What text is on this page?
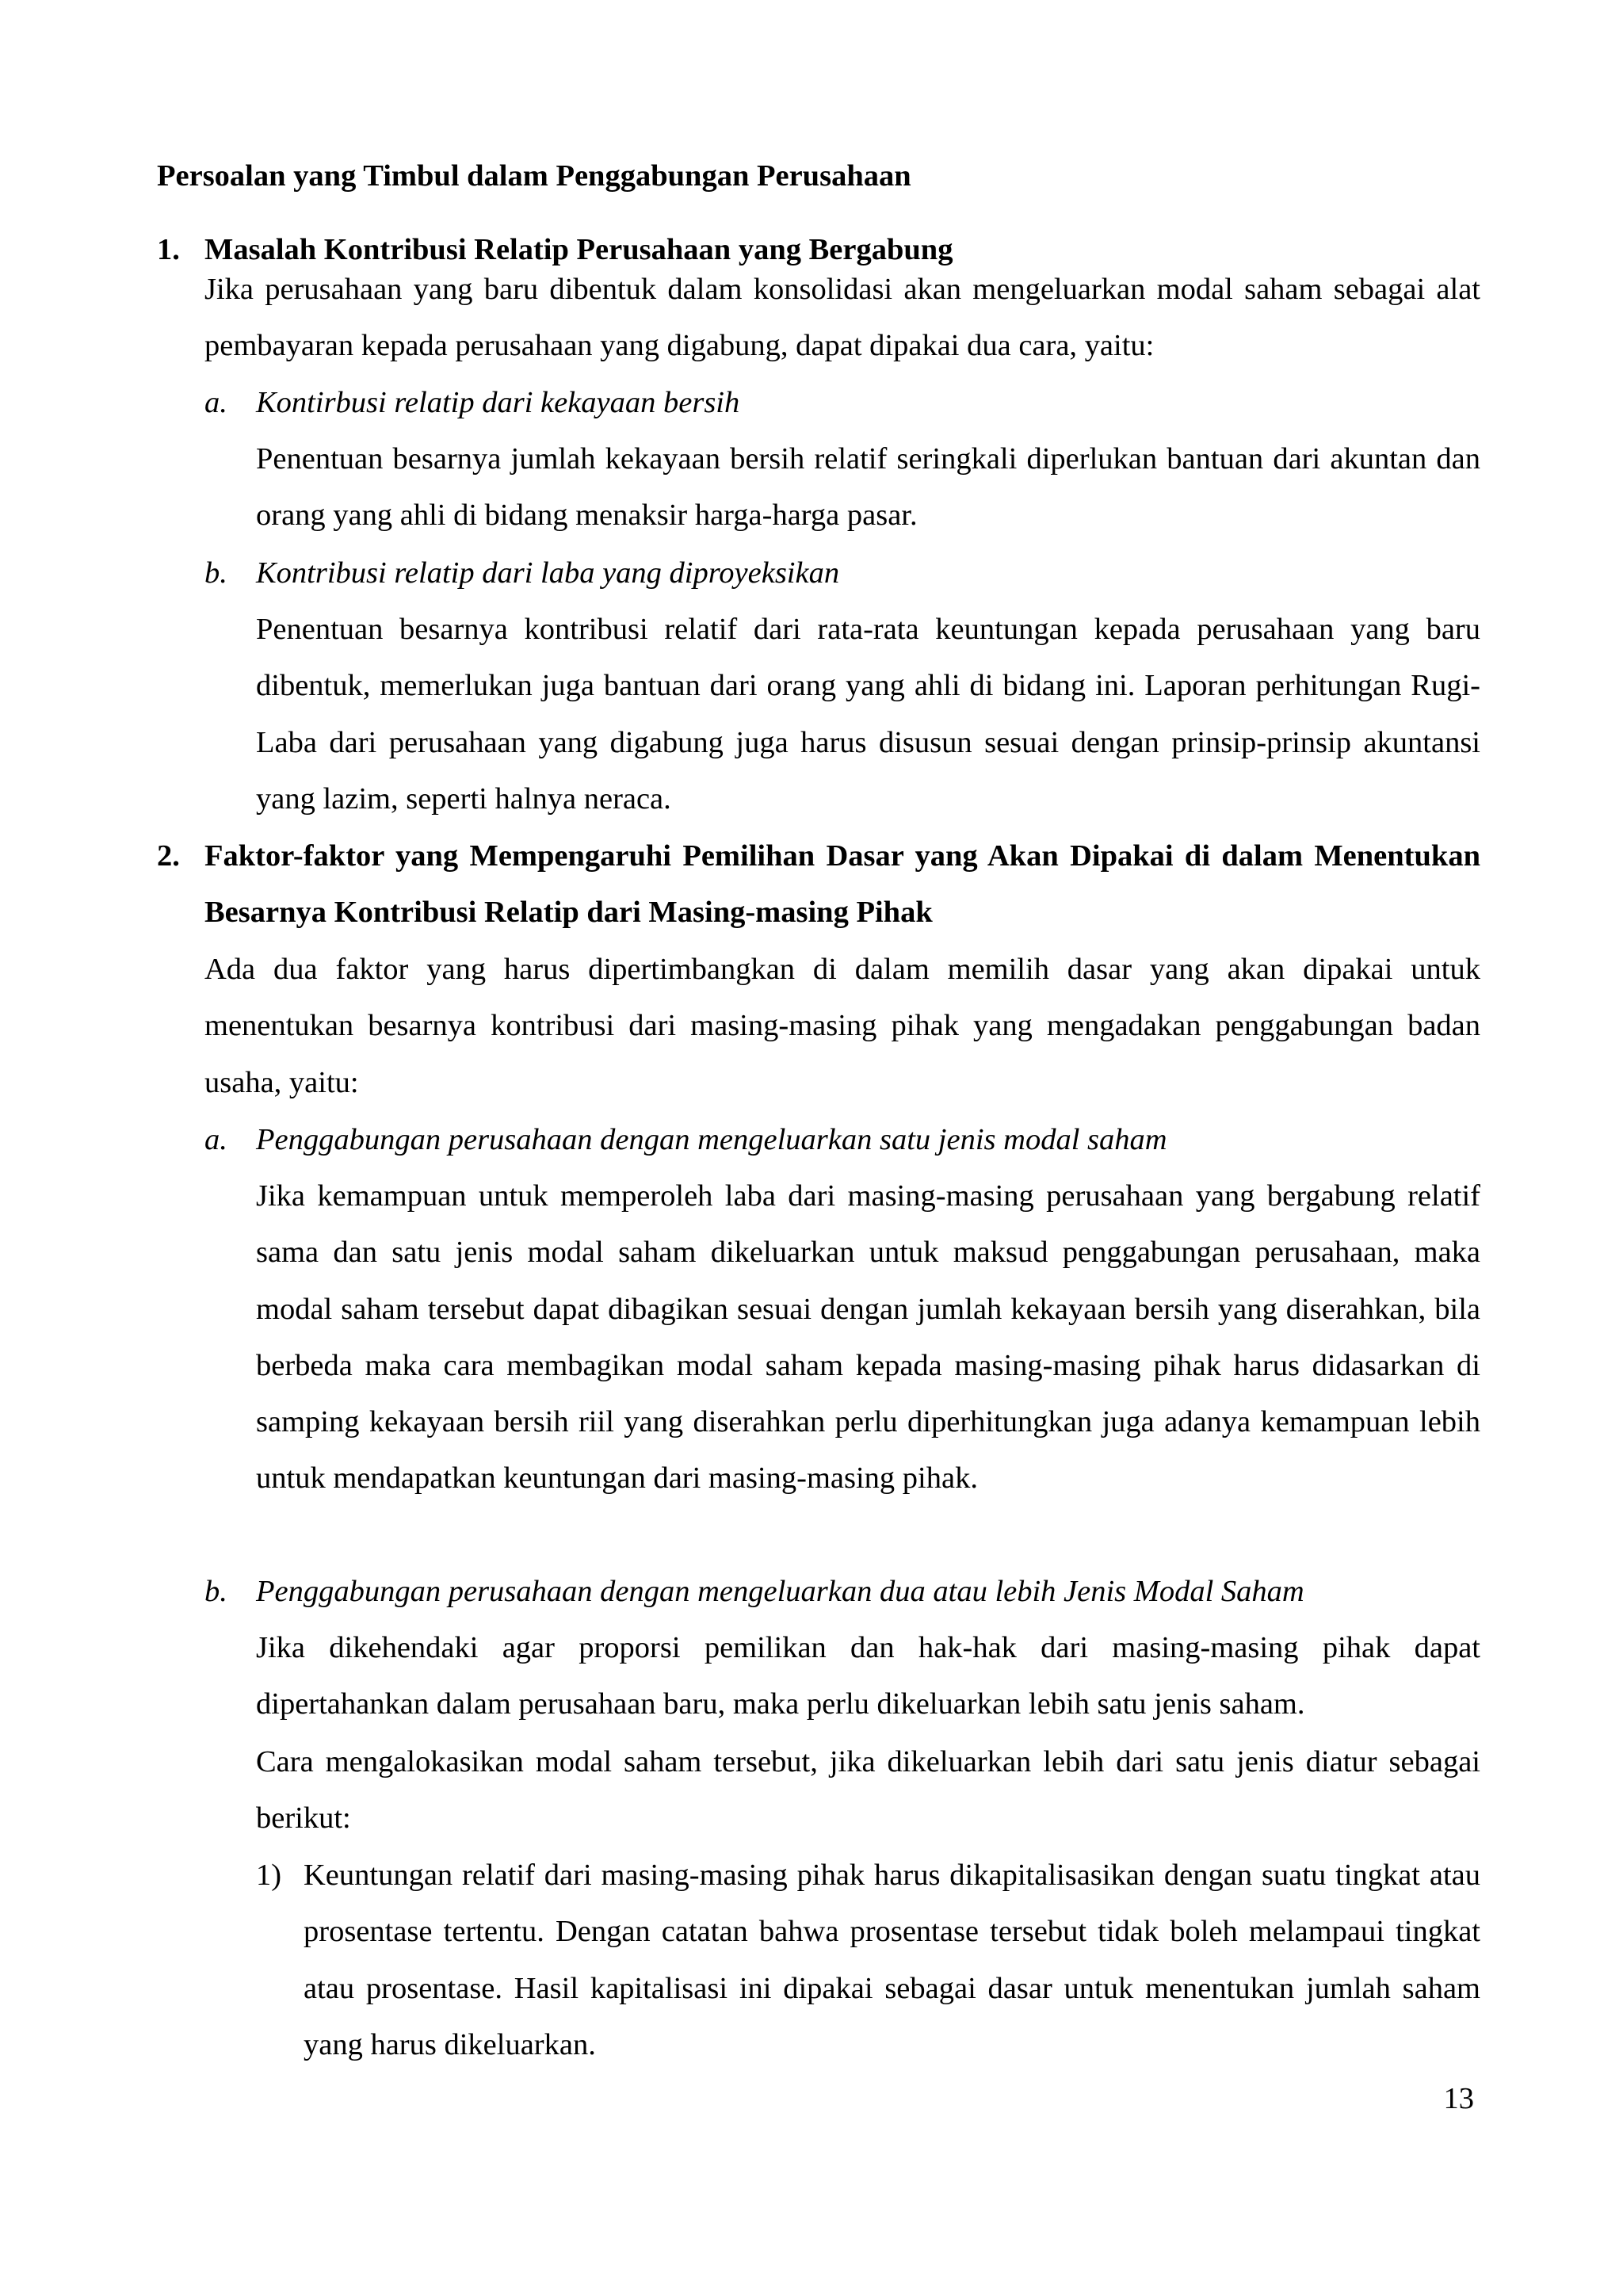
Persoalan yang Timbul dalam Penggabungan Perusahaan
1. Masalah Kontribusi Relatip Perusahaan yang Bergabung

Jika perusahaan yang baru dibentuk dalam konsolidasi akan mengeluarkan modal saham sebagai alat pembayaran kepada perusahaan yang digabung, dapat dipakai dua cara, yaitu:

a. Kontirbusi relatip dari kekayaan bersih

Penentuan besarnya jumlah kekayaan bersih relatif seringkali diperlukan bantuan dari akuntan dan orang yang ahli di bidang menaksir harga-harga pasar.

b. Kontribusi relatip dari laba yang diproyeksikan

Penentuan besarnya kontribusi relatif dari rata-rata keuntungan kepada perusahaan yang baru dibentuk, memerlukan juga bantuan dari orang yang ahli di bidang ini. Laporan perhitungan Rugi-Laba dari perusahaan yang digabung juga harus disusun sesuai dengan prinsip-prinsip akuntansi yang lazim, seperti halnya neraca.

2. Faktor-faktor yang Mempengaruhi Pemilihan Dasar yang Akan Dipakai di dalam Menentukan Besarnya Kontribusi Relatip dari Masing-masing Pihak

Ada dua faktor yang harus dipertimbangkan di dalam memilih dasar yang akan dipakai untuk menentukan besarnya kontribusi dari masing-masing pihak yang mengadakan penggabungan badan usaha, yaitu:

a. Penggabungan perusahaan dengan mengeluarkan satu jenis modal saham

Jika kemampuan untuk memperoleh laba dari masing-masing perusahaan yang bergabung relatif sama dan satu jenis modal saham dikeluarkan untuk maksud penggabungan perusahaan, maka modal saham tersebut dapat dibagikan sesuai dengan jumlah kekayaan bersih yang diserahkan, bila berbeda maka cara membagikan modal saham kepada masing-masing pihak harus didasarkan di samping kekayaan bersih riil yang diserahkan perlu diperhitungkan juga adanya kemampuan lebih untuk mendapatkan keuntungan dari masing-masing pihak.

b. Penggabungan perusahaan dengan mengeluarkan dua atau lebih Jenis Modal Saham

Jika dikehendaki agar proporsi pemilikan dan hak-hak dari masing-masing pihak dapat dipertahankan dalam perusahaan baru, maka perlu dikeluarkan lebih satu jenis saham.

Cara mengalokasikan modal saham tersebut, jika dikeluarkan lebih dari satu jenis diatur sebagai berikut:

1) Keuntungan relatif dari masing-masing pihak harus dikapitalisasikan dengan suatu tingkat atau prosentase tertentu. Dengan catatan bahwa prosentase tersebut tidak boleh melampaui tingkat atau prosentase. Hasil kapitalisasi ini dipakai sebagai dasar untuk menentukan jumlah saham yang harus dikeluarkan.

13
